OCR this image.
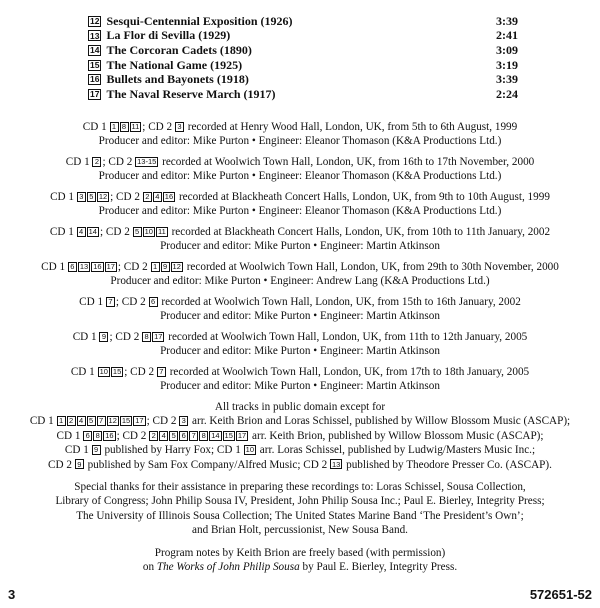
12 Sesqui-Centennial Exposition (1926)	3:39
13 La Flor di Sevilla (1929)	2:41
14 The Corcoran Cadets (1890)	3:09
15 The National Game (1925)	3:19
16 Bullets and Bayonets (1918)	3:39
17 The Naval Reserve March (1917)	2:24
CD 1 1 8 11 ; CD 2 3 recorded at Henry Wood Hall, London, UK, from 5th to 6th August, 1999
Producer and editor: Mike Purton • Engineer: Eleanor Thomason (K&A Productions Ltd.)
CD 1 2 ; CD 2 13-15 recorded at Woolwich Town Hall, London, UK, from 16th to 17th November, 2000
Producer and editor: Mike Purton • Engineer: Eleanor Thomason (K&A Productions Ltd.)
CD 1 3 5 12 ; CD 2 2 4 16 recorded at Blackheath Concert Halls, London, UK, from 9th to 10th August, 1999
Producer and editor: Mike Purton • Engineer: Eleanor Thomason (K&A Productions Ltd.)
CD 1 4 14 ; CD 2 5 10 11 recorded at Blackheath Concert Halls, London, UK, from 10th to 11th January, 2002
Producer and editor: Mike Purton • Engineer: Martin Atkinson
CD 1 6 13 16 17 ; CD 2 1 9 12 recorded at Woolwich Town Hall, London, UK, from 29th to 30th November, 2000
Producer and editor: Mike Purton • Engineer: Andrew Lang (K&A Productions Ltd.)
CD 1 7 ; CD 2 6 recorded at Woolwich Town Hall, London, UK, from 15th to 16th January, 2002
Producer and editor: Mike Purton • Engineer: Martin Atkinson
CD 1 9 ; CD 2 8 17 recorded at Woolwich Town Hall, London, UK, from 11th to 12th January, 2005
Producer and editor: Mike Purton • Engineer: Martin Atkinson
CD 1 10 15 ; CD 2 7 recorded at Woolwich Town Hall, London, UK, from 17th to 18th January, 2005
Producer and editor: Mike Purton • Engineer: Martin Atkinson
All tracks in public domain except for
CD 1 1 2 4 5 7 12 15 17 ; CD 2 3 arr. Keith Brion and Loras Schissel, published by Willow Blossom Music (ASCAP);
CD 1 6 8 16 ; CD 2 2 4 5 6 7 8 14 15 17 arr. Keith Brion, published by Willow Blossom Music (ASCAP);
CD 1 9 published by Harry Fox; CD 1 10 arr. Loras Schissel, published by Ludwig/Masters Music Inc.;
CD 2 9 published by Sam Fox Company/Alfred Music; CD 2 13 published by Theodore Presser Co. (ASCAP).
Special thanks for their assistance in preparing these recordings to: Loras Schissel, Sousa Collection,
Library of Congress; John Philip Sousa IV, President, John Philip Sousa Inc.; Paul E. Bierley, Integrity Press;
The University of Illinois Sousa Collection; The United States Marine Band ‘The President’s Own’;
and Brian Holt, percussionist, New Sousa Band.
Program notes by Keith Brion are freely based (with permission)
on The Works of John Philip Sousa by Paul E. Bierley, Integrity Press.
3	572651-52
